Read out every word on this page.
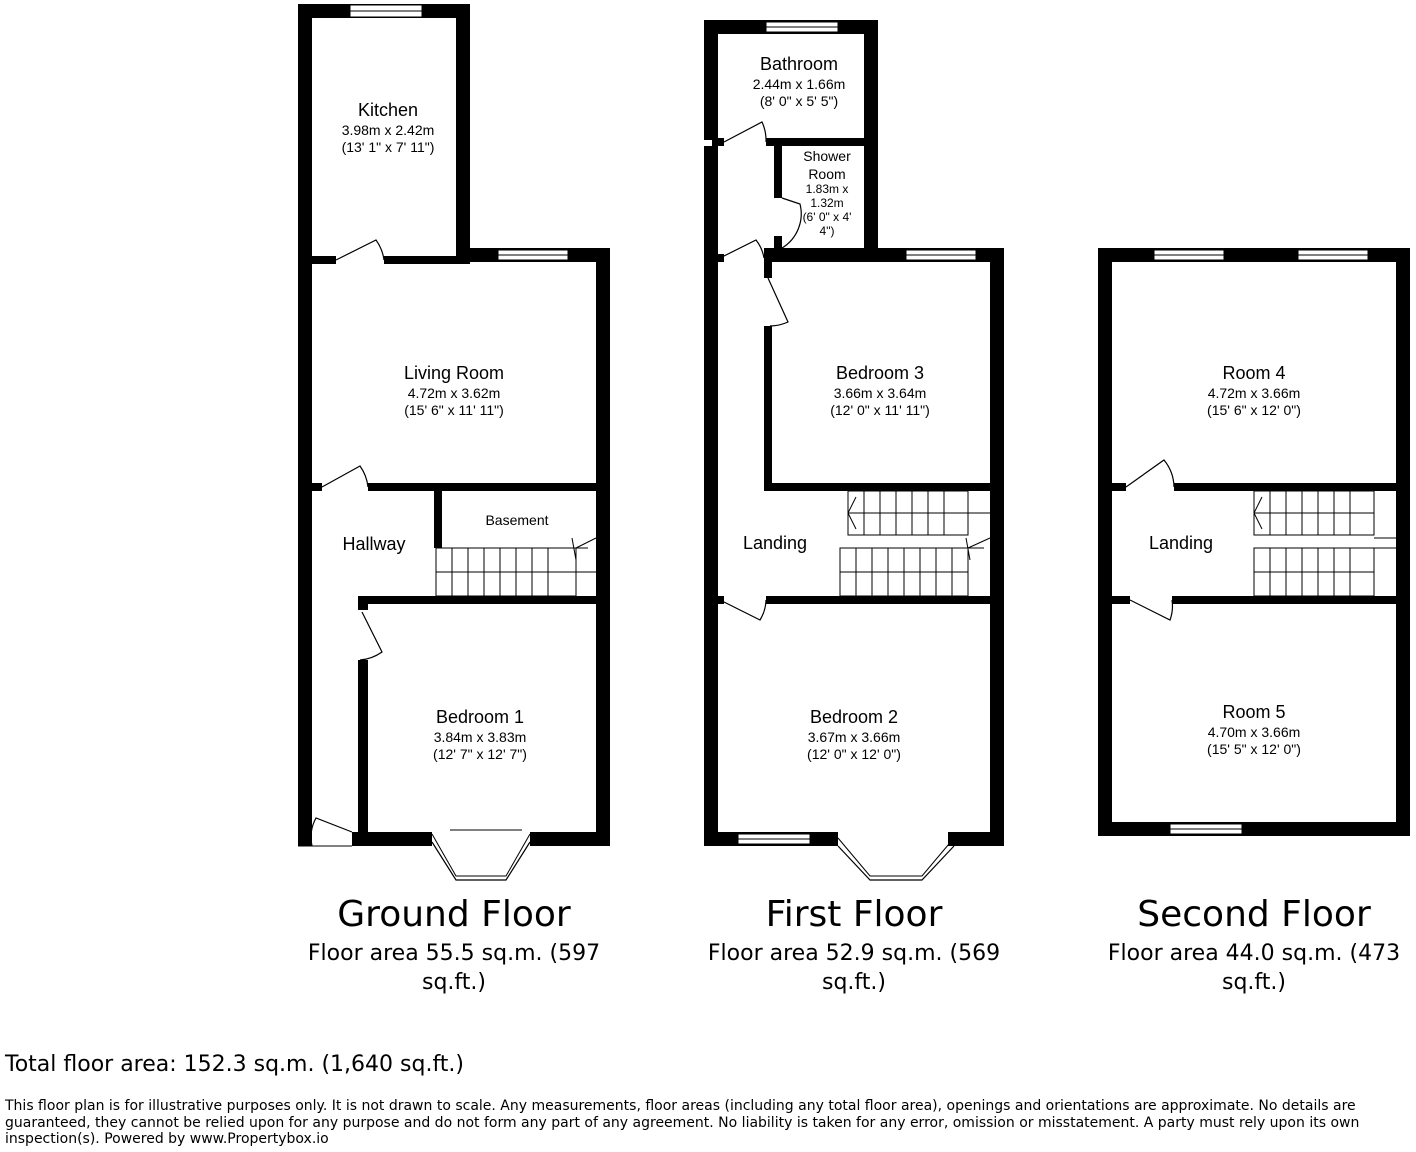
Kitchen
3.98m x 2.42m
(13' 1" x 7' 11")
Living Room
4.72m x 3.62m
(15' 6" x 11' 11")
Hallway
Basement
Bedroom 1
3.84m x 3.83m
(12' 7" x 12' 7")
Bathroom
2.44m x 1.66m
(8' 0" x 5' 5")
Shower
Room
1.83m x
1.32m
(6' 0" x 4'
4")
Bedroom 3
3.66m x 3.64m
(12' 0" x 11' 11")
Landing
Bedroom 2
3.67m x 3.66m
(12' 0" x 12' 0")
Room 4
4.72m x 3.66m
(15' 6" x 12' 0")
Landing
Room 5
4.70m x 3.66m
(15' 5" x 12' 0")
Ground Floor
Floor area 55.5 sq.m. (597
sq.ft.)
First Floor
Floor area 52.9 sq.m. (569
sq.ft.)
Second Floor
Floor area 44.0 sq.m. (473
sq.ft.)
Total floor area: 152.3 sq.m. (1,640 sq.ft.)
This floor plan is for illustrative purposes only. It is not drawn to scale. Any measurements, floor areas (including any total floor area), openings and orientations are approximate. No details are guaranteed, they cannot be relied upon for any purpose and do not form any part of any agreement. No liability is taken for any error, omission or misstatement. A party must rely upon its own inspection(s). Powered by www.Propertybox.io
